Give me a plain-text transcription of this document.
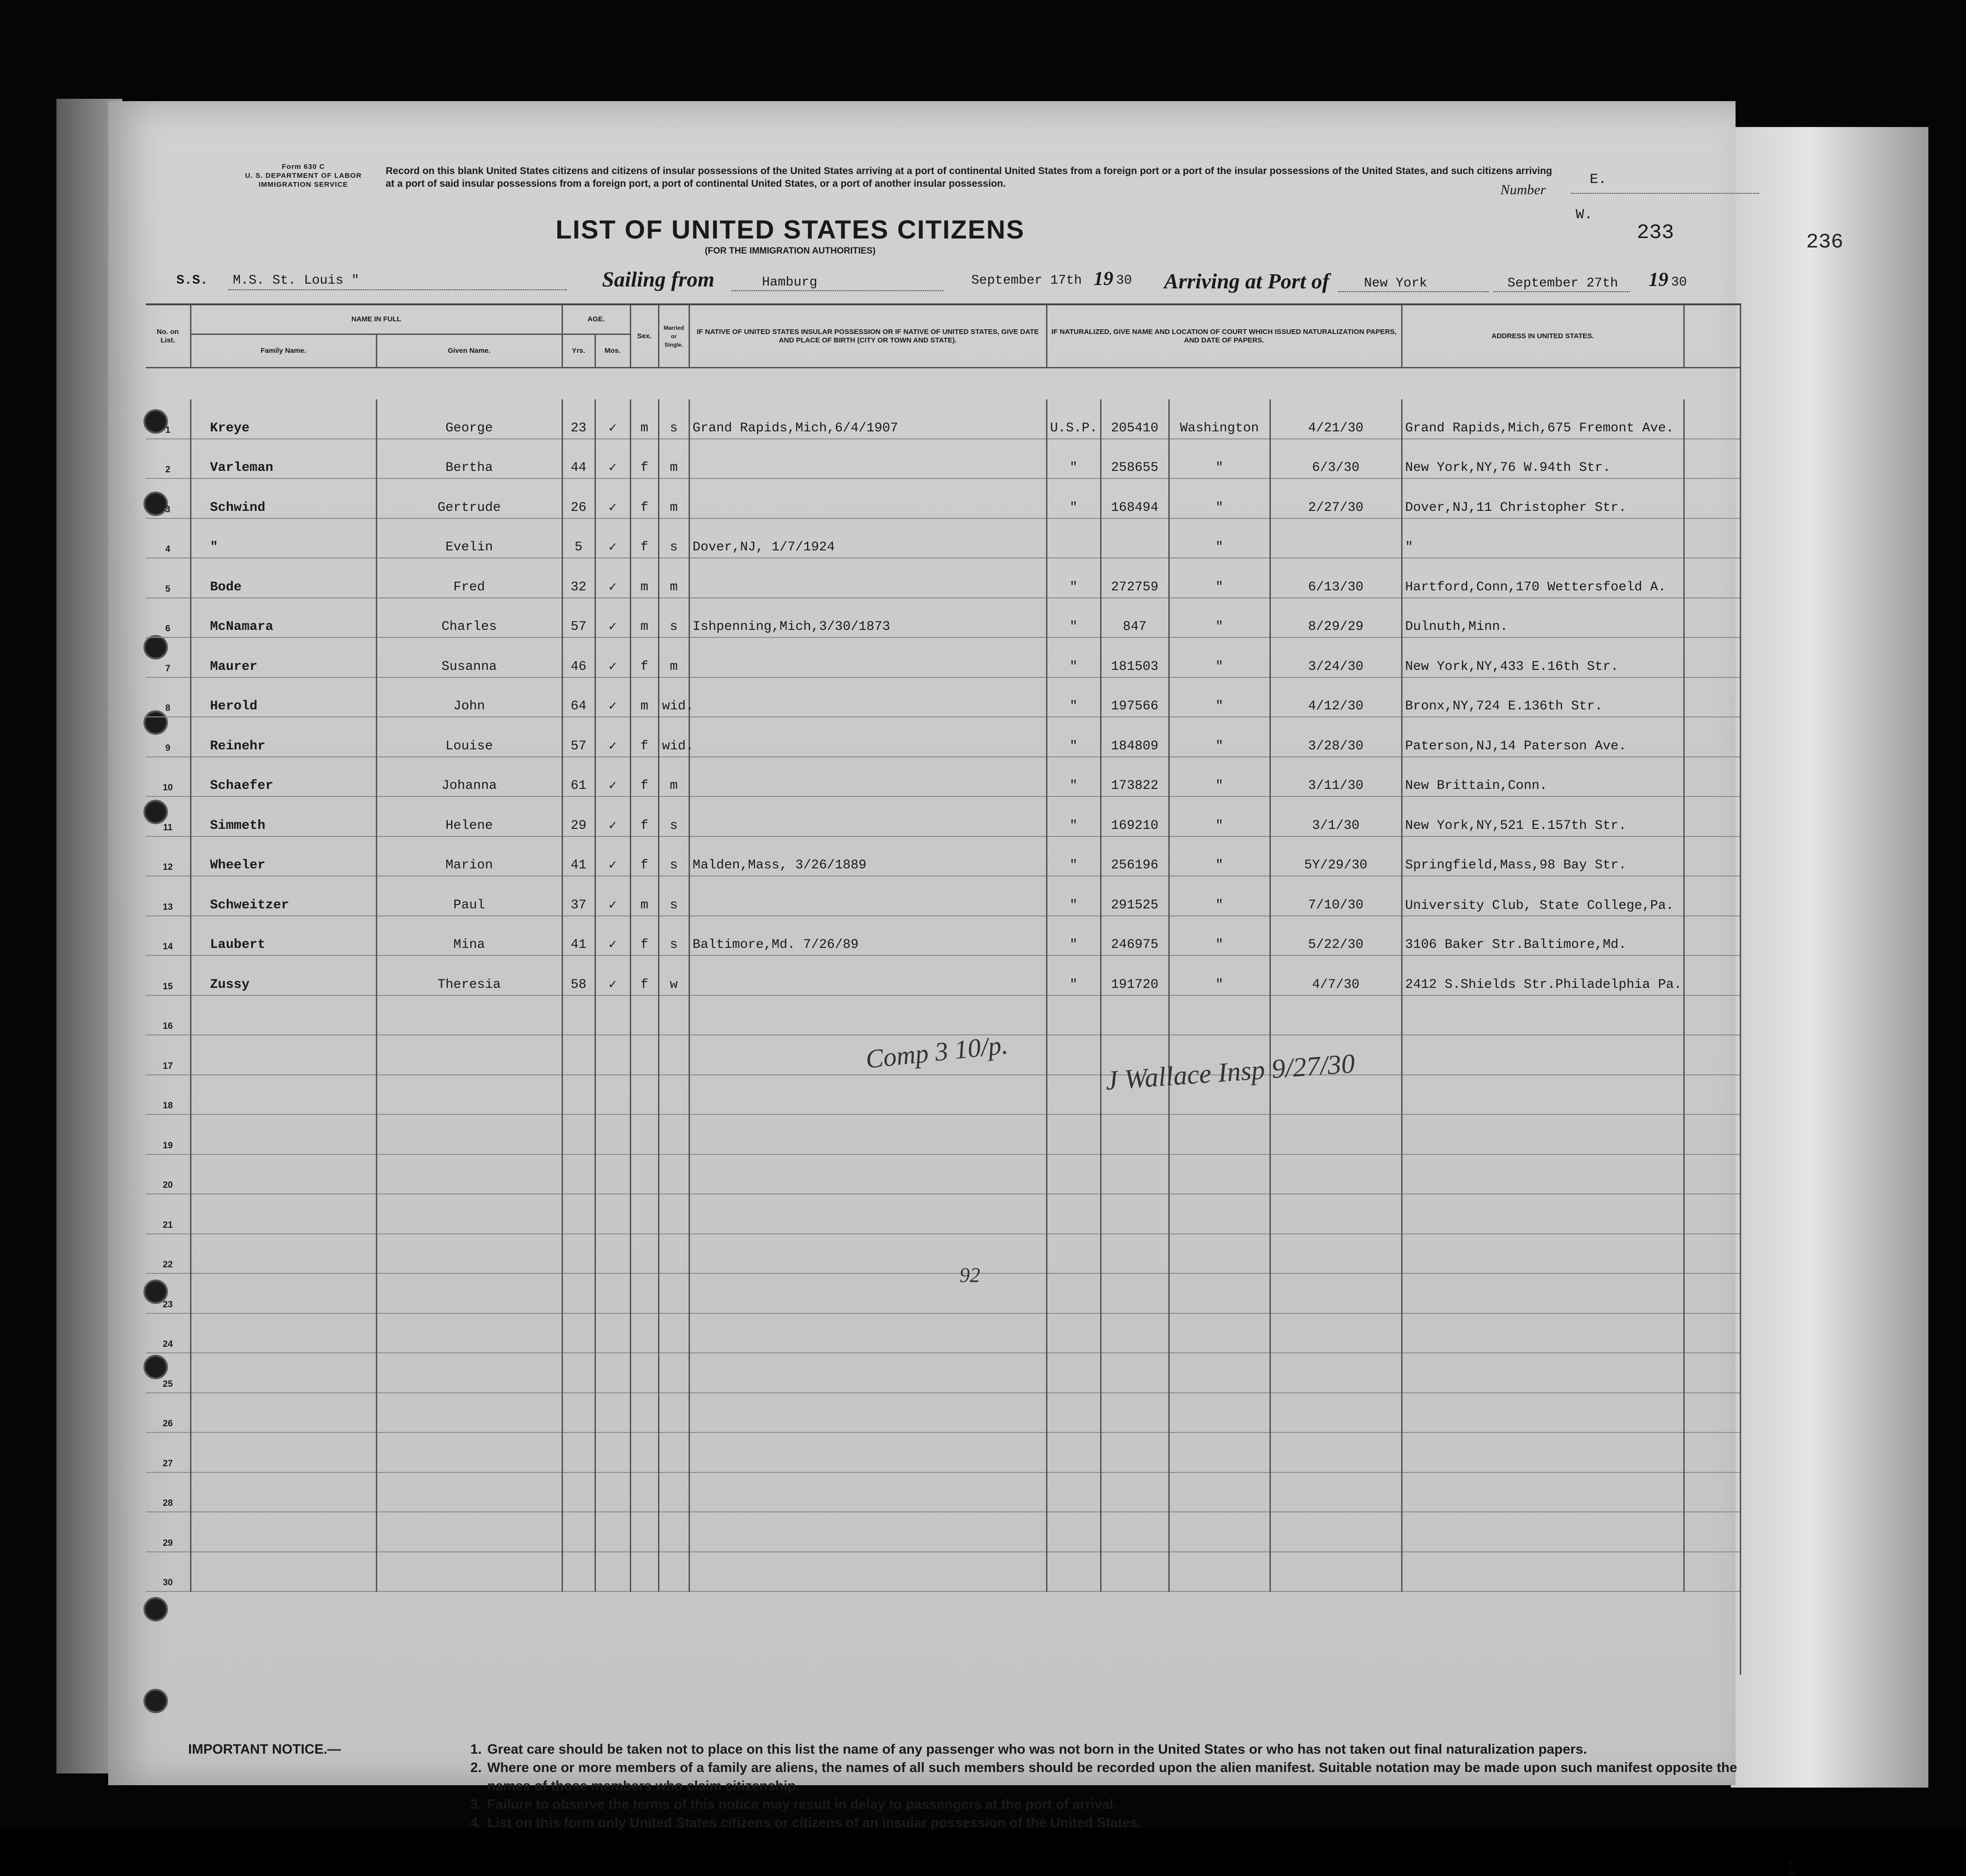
236
Form 630 C
U. S. DEPARTMENT OF LABOR
IMMIGRATION SERVICE
Record on this blank United States citizens and citizens of insular possessions of the United States arriving at a port of continental United States from a foreign port or a port of the insular possessions of the United States, and such citizens arriving at a port of said insular possessions from a foreign port, a port of continental United States, or a port of another insular possession.	Number
E.
W.
233
LIST OF UNITED STATES CITIZENS
(FOR THE IMMIGRATION AUTHORITIES)
S.S. M.S. St. Louis "	Sailing from	Hamburg	September 17th 19 30 Arriving at Port of	New York	September 27th 19 30
No. on List.	NAME IN FULL		AGE.		Sex.	Married or Single.	IF NATIVE OF UNITED STATES INSULAR POSSESSION OR IF NATIVE OF UNITED STATES, GIVE DATE AND PLACE OF BIRTH (CITY OR TOWN AND STATE).	IF NATURALIZED, GIVE NAME AND LOCATION OF COURT WHICH ISSUED NATURALIZATION PAPERS, AND DATE OF PAPERS.				ADDRESS IN UNITED STATES.	
	Family Name.	Given Name.	Yrs.	Mos.									

1	Kreye	George	23	✓	m	s	Grand Rapids,Mich,6/4/1907	U.S.P.	205410	Washington	4/21/30	Grand Rapids,Mich,675 Fremont Ave.	
2	Varleman	Bertha	44	✓	f	m		"	258655	"	6/3/30	New York,NY,76 W.94th Str.	
3	Schwind	Gertrude	26	✓	f	m		"	168494	"	2/27/30	Dover,NJ,11 Christopher Str.	
4	"	Evelin	5	✓	f	s	Dover,NJ, 1/7/1924			"		"	
5	Bode	Fred	32	✓	m	m		"	272759	"	6/13/30	Hartford,Conn,170 Wettersfoeld A.	
6	McNamara	Charles	57	✓	m	s	Ishpenning,Mich,3/30/1873	"	847	"	8/29/29	Dulnuth,Minn.	
7	Maurer	Susanna	46	✓	f	m		"	181503	"	3/24/30	New York,NY,433 E.16th Str.	
8	Herold	John	64	✓	m	wid.		"	197566	"	4/12/30	Bronx,NY,724 E.136th Str.	
9	Reinehr	Louise	57	✓	f	wid.		"	184809	"	3/28/30	Paterson,NJ,14 Paterson Ave.	
10	Schaefer	Johanna	61	✓	f	m		"	173822	"	3/11/30	New Brittain,Conn.	
11	Simmeth	Helene	29	✓	f	s		"	169210	"	3/1/30	New York,NY,521 E.157th Str.	
12	Wheeler	Marion	41	✓	f	s	Malden,Mass, 3/26/1889	"	256196	"	5Y/29/30	Springfield,Mass,98 Bay Str.	
13	Schweitzer	Paul	37	✓	m	s		"	291525	"	7/10/30	University Club, State College,Pa.	
14	Laubert	Mina	41	✓	f	s	Baltimore,Md. 7/26/89	"	246975	"	5/22/30	3106 Baker Str.Baltimore,Md.	
15	Zussy	Theresia	58	✓	f	w		"	191720	"	4/7/30	2412 S.Shields Str.Philadelphia Pa.	
16													
17													
18													
19													
20													
21													
22													
23													
24													
25													
26													
27													
28													
29													
30													

Comp 3 10/p.	J Wallace Insp 9/27/30
92
IMPORTANT NOTICE.—	1. Great care should be taken not to place on this list the name of any passenger who was not born in the United States or who has not taken out final naturalization papers.
2. Where one or more members of a family are aliens, the names of all such members should be recorded upon the alien manifest. Suitable notation may be made upon such manifest opposite the names of those members who claim citizenship.
3. Failure to observe the terms of this notice may result in delay to passengers at the port of arrival.
4. List on this form only United States citizens or citizens of an insular possession of the United States.
14—906
